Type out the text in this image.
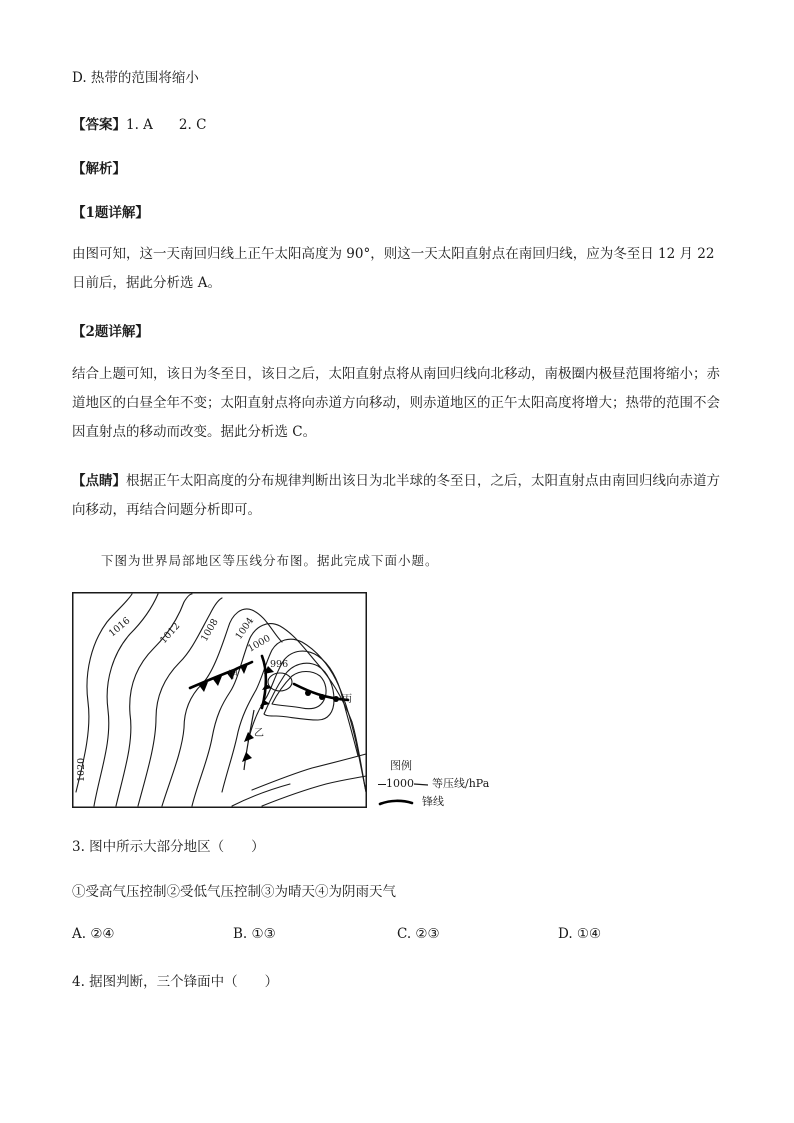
D. 热带的范围将缩小
【答案】1. A 2. C
【解析】
【1题详解】
由图可知，这一天南回归线上正午太阳高度为 90°，则这一天太阳直射点在南回归线，应为冬至日 12 月 22 日前后，据此分析选 A。
【2题详解】
结合上题可知，该日为冬至日，该日之后，太阳直射点将从南回归线向北移动，南极圈内极昼范围将缩小；赤道地区的白昼全年不变；太阳直射点将向赤道方向移动，则赤道地区的正午太阳高度将增大；热带的范围不会因直射点的移动而改变。据此分析选 C。
【点睛】根据正午太阳高度的分布规律判断出该日为北半球的冬至日，之后，太阳直射点由南回归线向赤道方向移动，再结合问题分析即可。
下图为世界局部地区等压线分布图。据此完成下面小题。
1016	1012 1008 1004
1000
996
1020
甲
乙
丙
图例
1000 等压线/hPa
锋线
3. 图中所示大部分地区（　　）
①受高气压控制②受低气压控制③为晴天④为阴雨天气
A. ②④	B. ①③	C. ②③	D. ①④
4. 据图判断，三个锋面中（　　）
